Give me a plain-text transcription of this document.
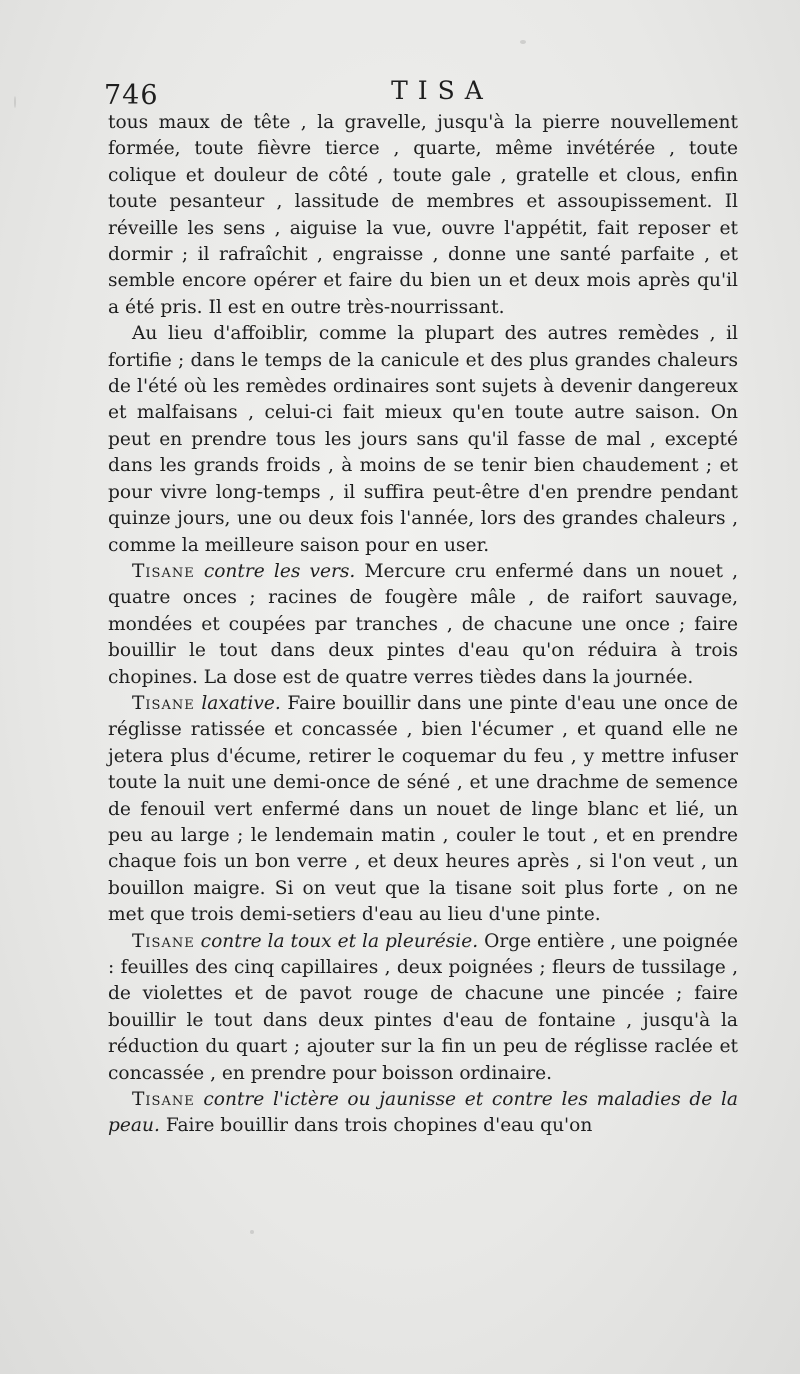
746	TISA

tous maux de tête , la gravelle, jusqu'à la pierre nouvellement formée, toute fièvre tierce , quarte, même invétérée , toute colique et douleur de côté , toute gale , gratelle et clous, enfin toute pesanteur , lassitude de membres et assoupissement. Il réveille les sens , aiguise la vue, ouvre l'appétit, fait reposer et dormir ; il rafraîchit , engraisse , donne une santé parfaite , et semble encore opérer et faire du bien un et deux mois après qu'il a été pris. Il est en outre très-nourrissant.

Au lieu d'affoiblir, comme la plupart des autres remèdes , il fortifie ; dans le temps de la canicule et des plus grandes chaleurs de l'été où les remèdes ordinaires sont sujets à devenir dangereux et malfaisans , celui-ci fait mieux qu'en toute autre saison. On peut en prendre tous les jours sans qu'il fasse de mal , excepté dans les grands froids , à moins de se tenir bien chaudement ; et pour vivre long-temps , il suffira peut-être d'en prendre pendant quinze jours, une ou deux fois l'année, lors des grandes chaleurs , comme la meilleure saison pour en user.

Tisane contre les vers. Mercure cru enfermé dans un nouet , quatre onces ; racines de fougère mâle , de raifort sauvage, mondées et coupées par tranches , de chacune une once ; faire bouillir le tout dans deux pintes d'eau qu'on réduira à trois chopines. La dose est de quatre verres tièdes dans la journée.

Tisane laxative. Faire bouillir dans une pinte d'eau une once de réglisse ratissée et concassée , bien l'écumer , et quand elle ne jetera plus d'écume, retirer le coquemar du feu , y mettre infuser toute la nuit une demi-once de séné , et une drachme de semence de fenouil vert enfermé dans un nouet de linge blanc et lié, un peu au large ; le lendemain matin , couler le tout , et en prendre chaque fois un bon verre , et deux heures après , si l'on veut , un bouillon maigre. Si on veut que la tisane soit plus forte , on ne met que trois demi-setiers d'eau au lieu d'une pinte.

Tisane contre la toux et la pleurésie. Orge entière , une poignée : feuilles des cinq capillaires , deux poignées ; fleurs de tussilage , de violettes et de pavot rouge de chacune une pincée ; faire bouillir le tout dans deux pintes d'eau de fontaine , jusqu'à la réduction du quart ; ajouter sur la fin un peu de réglisse raclée et concassée , en prendre pour boisson ordinaire.

Tisane contre l'ictère ou jaunisse et contre les maladies de la peau. Faire bouillir dans trois chopines d'eau qu'on
